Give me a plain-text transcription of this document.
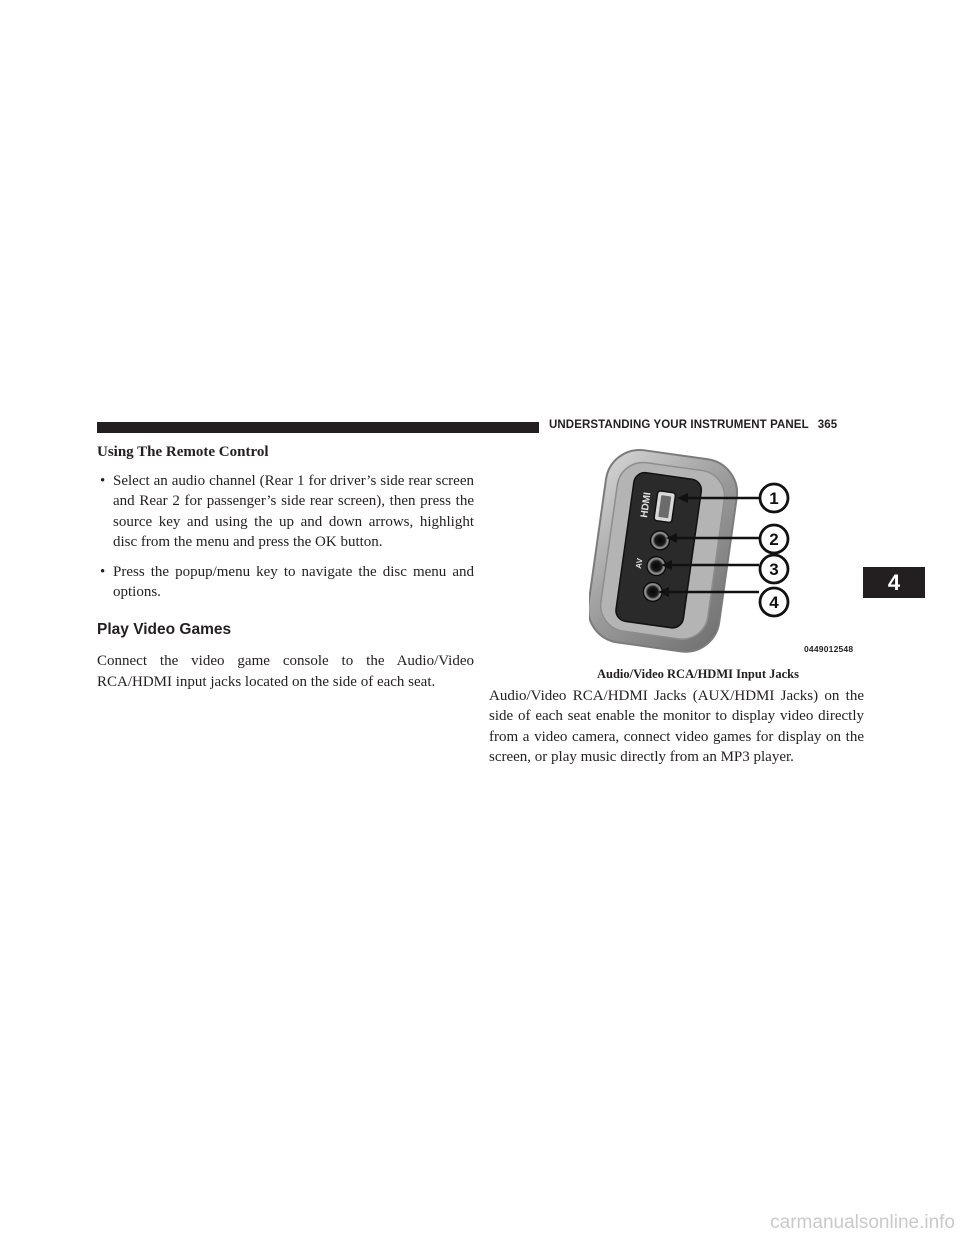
UNDERSTANDING YOUR INSTRUMENT PANEL 365
Using The Remote Control
• Select an audio channel (Rear 1 for driver’s side rear screen and Rear 2 for passenger’s side rear screen), then press the source key and using the up and down arrows, highlight disc from the menu and press the OK button.
• Press the popup/menu key to navigate the disc menu and options.
Play Video Games

Connect the video game console to the Audio/Video RCA/HDMI input jacks located on the side of each seat.

HDMI
AV
1
2
3
4
0449012548
Audio/Video RCA/HDMI Input Jacks

Audio/Video RCA/HDMI Jacks (AUX/HDMI Jacks) on the side of each seat enable the monitor to display video directly from a video camera, connect video games for display on the screen, or play music directly from an MP3 player.

4
carmanualsonline.info
